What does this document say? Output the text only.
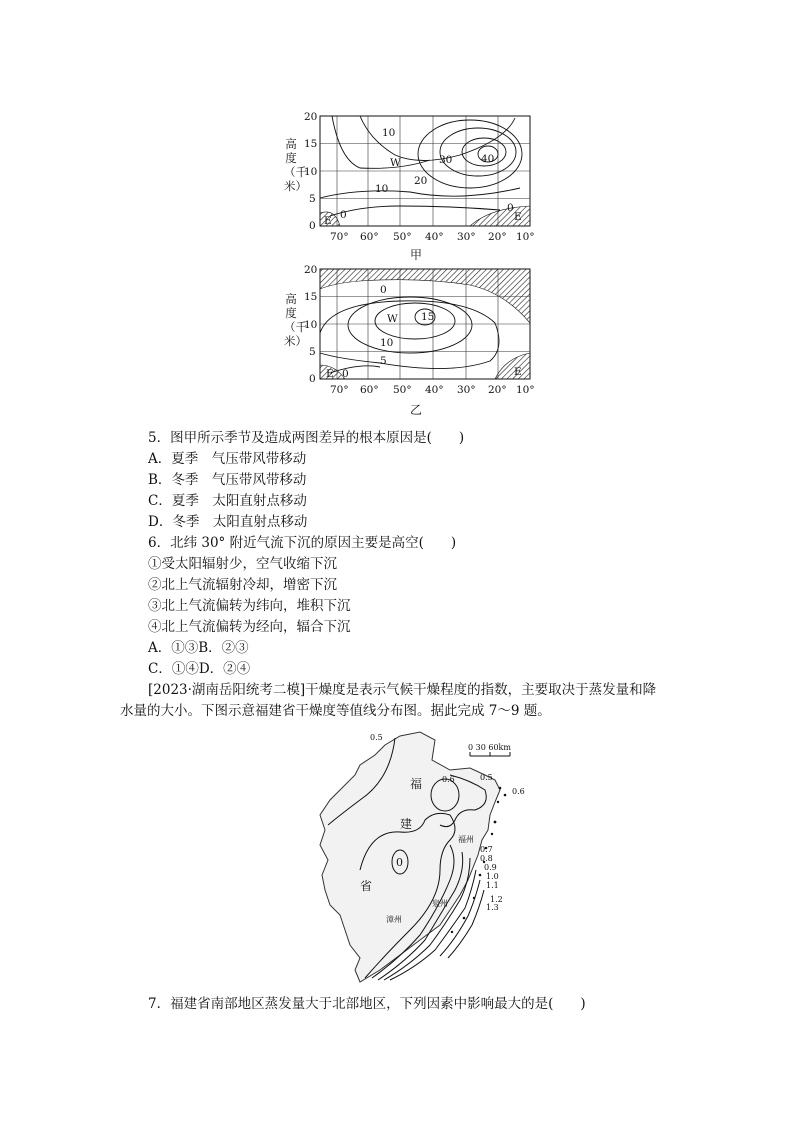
高度（千米）
10
10
20
30	40
W
0
0
E	E
20
15
10
5
0
70° 60° 50° 40° 30° 20° 10°
甲
高度（千米）
0
15
10
5
W
0
E	E
20
15
10
5
0
70° 60° 50° 40° 30° 20° 10°
乙
5．图甲所示季节及造成两图差异的根本原因是(　　)
A．夏季　气压带风带移动
B．冬季　气压带风带移动
C．夏季　太阳直射点移动
D．冬季　太阳直射点移动
6．北纬 30° 附近气流下沉的原因主要是高空(　　)
①受太阳辐射少，空气收缩下沉
②北上气流辐射冷却，增密下沉
③北上气流偏转为纬向，堆积下沉
④北上气流偏转为经向，辐合下沉
A．①③B．②③
C．①④D．②④
[2023·湖南岳阳统考二模]干燥度是表示气候干燥程度的指数，主要取决于蒸发量和降
水量的大小。下图示意福建省干燥度等值线分布图。据此完成 7～9 题。
0 30 60km
福
建
省
福州
泉州
漳州
0.5
0.6	0.5
0.6
0
0.7
0.8
0.9
1.0
1.1
1.2
1.3
7．福建省南部地区蒸发量大于北部地区，下列因素中影响最大的是(　　)
